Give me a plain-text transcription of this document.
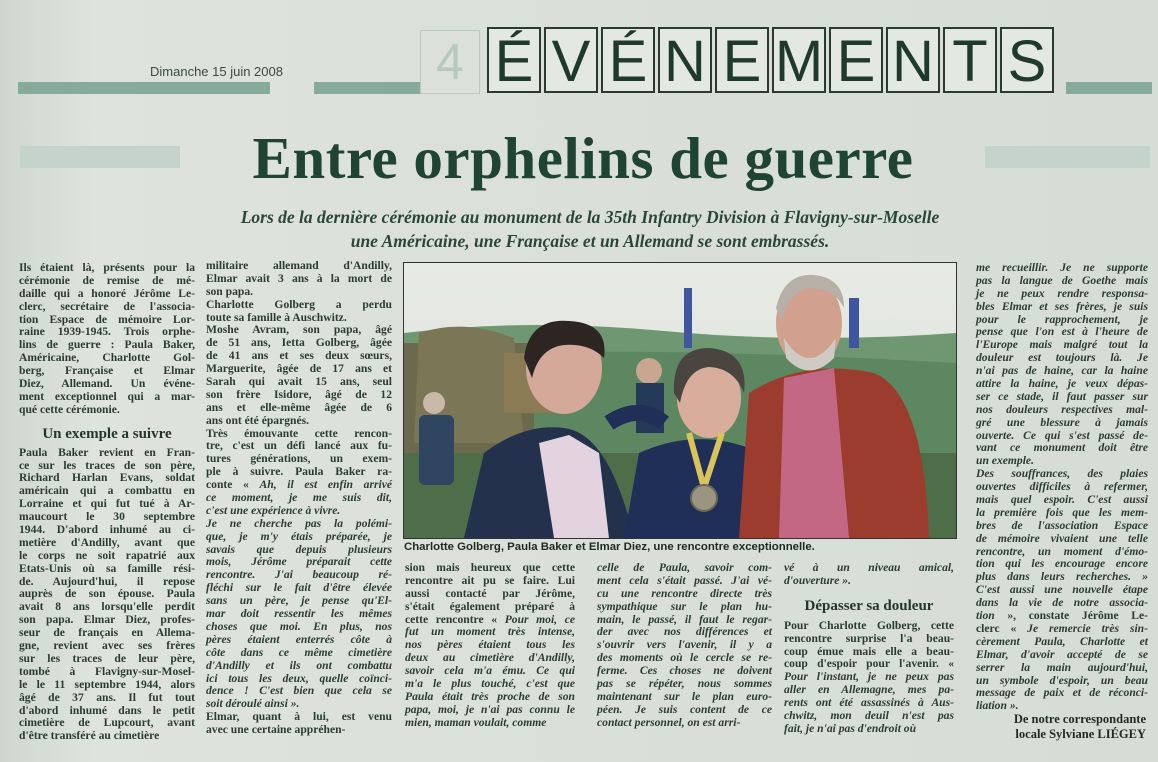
Dimanche 15 juin 2008	4 É V É N E M E N T S
Entre orphelins de guerre
Lors de la dernière cérémonie au monument de la 35th Infantry Division à Flavigny-sur-Moselle
une Américaine, une Française et un Allemand se sont embrassés.
Ils étaient là, présents pour la
cérémonie de remise de mé-
daille qui a honoré Jérôme Le-
clerc, secrétaire de l'associa-
tion Espace de mémoire Lor-
raine 1939-1945. Trois orphe-
lins de guerre : Paula Baker,
Américaine, Charlotte Gol-
berg, Française et Elmar
Diez, Allemand. Un événe-
ment exceptionnel qui a mar-
qué cette cérémonie.
Un exemple a suivre
Paula Baker revient en Fran-
ce sur les traces de son père,
Richard Harlan Evans, soldat
américain qui a combattu en
Lorraine et qui fut tué à Ar-
maucourt le 30 septembre
1944. D'abord inhumé au ci-
metière d'Andilly, avant que
le corps ne soit rapatrié aux
Etats-Unis où sa famille rési-
de. Aujourd'hui, il repose
auprès de son épouse. Paula
avait 8 ans lorsqu'elle perdit
son papa. Elmar Diez, profes-
seur de français en Allema-
gne, revient avec ses frères
sur les traces de leur père,
tombé à Flavigny-sur-Mosel-
le le 11 septembre 1944, alors
âgé de 37 ans. Il fut tout
d'abord inhumé dans le petit
cimetière de Lupcourt, avant
d'être transféré au cimetière
militaire allemand d'Andilly,
Elmar avait 3 ans à la mort de
son papa.
Charlotte Golberg a perdu
toute sa famille à Auschwitz.
Moshe Avram, son papa, âgé
de 51 ans, Ietta Golberg, âgée
de 41 ans et ses deux sœurs,
Marguerite, âgée de 17 ans et
Sarah qui avait 15 ans, seul
son frère Isidore, âgé de 12
ans et elle-même âgée de 6
ans ont été épargnés.
Très émouvante cette rencon-
tre, c'est un défi lancé aux fu-
tures générations, un exem-
ple à suivre. Paula Baker ra-
conte « Ah, il est enfin arrivé
ce moment, je me suis dit,
c'est une expérience à vivre.
Je ne cherche pas la polémi-
que, je m'y étais préparée, je
savais que depuis plusieurs
mois, Jérôme préparait cette
rencontre. J'ai beaucoup ré-
fléchi sur le fait d'être élevée
sans un père, je pense qu'El-
mar doit ressentir les mêmes
choses que moi. En plus, nos
pères étaient enterrés côte à
côte dans ce même cimetière
d'Andilly et ils ont combattu
ici tous les deux, quelle coïnci-
dence ! C'est bien que cela se
soit déroulé ainsi ».
Elmar, quant à lui, est venu
avec une certaine appréhen-
Charlotte Golberg, Paula Baker et Elmar Diez, une rencontre exceptionnelle.
sion mais heureux que cette
rencontre ait pu se faire. Lui
aussi contacté par Jérôme,
s'était également préparé à
cette rencontre « Pour moi, ce
fut un moment très intense,
nos pères étaient tous les
deux au cimetière d'Andilly,
savoir cela m'a ému. Ce qui
m'a le plus touché, c'est que
Paula était très proche de son
papa, moi, je n'ai pas connu le
mien, maman voulait, comme
celle de Paula, savoir com-
ment cela s'était passé. J'ai vé-
cu une rencontre directe très
sympathique sur le plan hu-
main, le passé, il faut le regar-
der avec nos différences et
s'ouvrir vers l'avenir, il y a
des moments où le cercle se re-
ferme. Ces choses ne doivent
pas se répéter, nous sommes
maintenant sur le plan euro-
péen. Je suis content de ce
contact personnel, on est arri-
vé à un niveau amical,
d'ouverture ».
Dépasser sa douleur
Pour Charlotte Golberg, cette
rencontre surprise l'a beau-
coup émue mais elle a beau-
coup d'espoir pour l'avenir. «
Pour l'instant, je ne peux pas
aller en Allemagne, mes pa-
rents ont été assassinés à Aus-
chwitz, mon deuil n'est pas
fait, je n'ai pas d'endroit où
me recueillir. Je ne supporte
pas la langue de Goethe mais
je ne peux rendre responsa-
bles Elmar et ses frères, je suis
pour le rapprochement, je
pense que l'on est à l'heure de
l'Europe mais malgré tout la
douleur est toujours là. Je
n'ai pas de haine, car la haine
attire la haine, je veux dépas-
ser ce stade, il faut passer sur
nos douleurs respectives mal-
gré une blessure à jamais
ouverte. Ce qui s'est passé de-
vant ce monument doit être
un exemple.
Des souffrances, des plaies
ouvertes difficiles à refermer,
mais quel espoir. C'est aussi
la première fois que les mem-
bres de l'association Espace
de mémoire vivaient une telle
rencontre, un moment d'émo-
tion qui les encourage encore
plus dans leurs recherches. »
C'est aussi une nouvelle étape
dans la vie de notre associa-
tion », constate Jérôme Le-
clerc « Je remercie très sin-
cèrement Paula, Charlotte et
Elmar, d'avoir accepté de se
serrer la main aujourd'hui,
un symbole d'espoir, un beau
message de paix et de réconci-
liation ».
De notre correspondante
locale Sylviane LIÉGEY
